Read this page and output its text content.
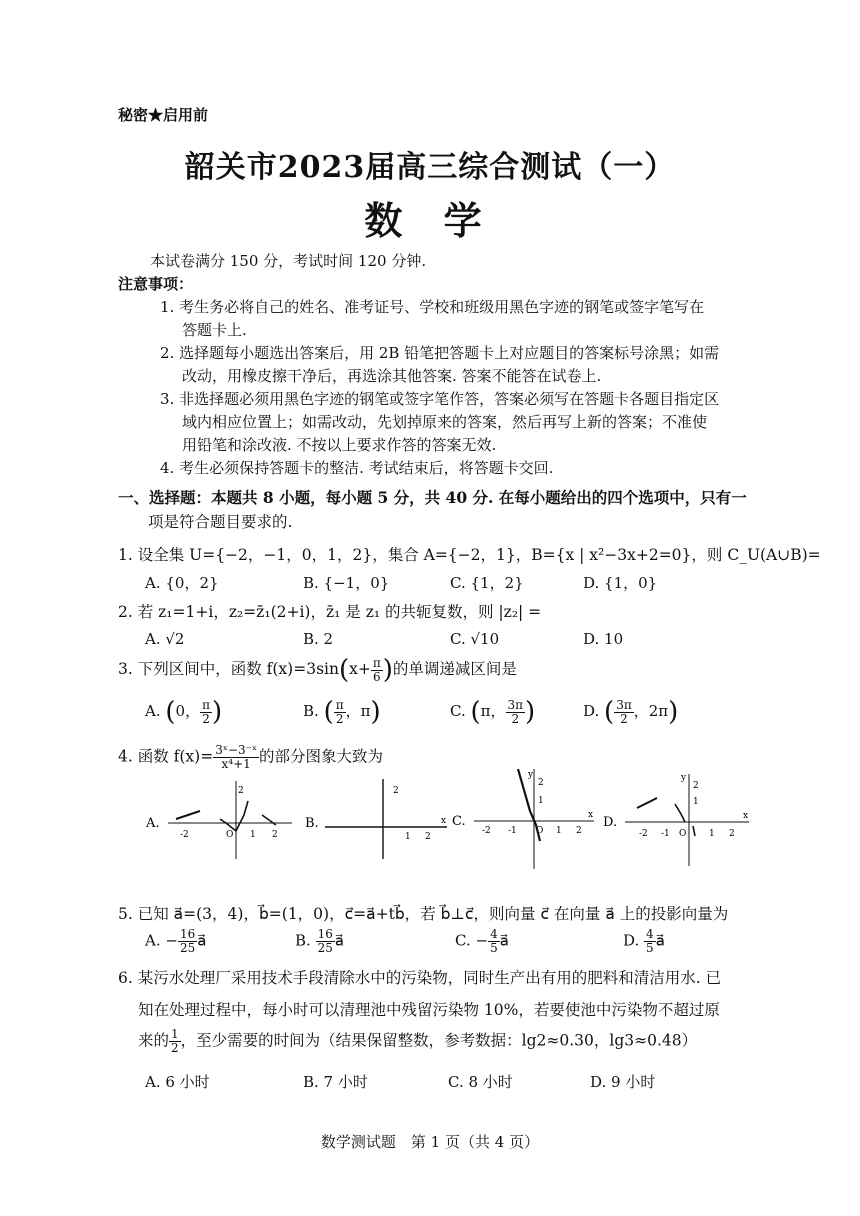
秘密★启用前
韶关市2023届高三综合测试（一）
数 学
本试卷满分 150 分，考试时间 120 分钟.
注意事项：
1. 考生务必将自己的姓名、准考证号、学校和班级用黑色字迹的钢笔或签字笔写在
答题卡上.
2. 选择题每小题选出答案后，用 2B 铅笔把答题卡上对应题目的答案标号涂黑；如需
改动，用橡皮擦干净后，再选涂其他答案. 答案不能答在试卷上.
3. 非选择题必须用黑色字迹的钢笔或签字笔作答，答案必须写在答题卡各题目指定区
域内相应位置上；如需改动，先划掉原来的答案，然后再写上新的答案；不准使
用铅笔和涂改液. 不按以上要求作答的答案无效.
4. 考生必须保持答题卡的整洁. 考试结束后，将答题卡交回.
一、选择题：本题共 8 小题，每小题 5 分，共 40 分. 在每小题给出的四个选项中，只有一
项是符合题目要求的.
1. 设全集 U={−2，−1，0，1，2}，集合 A={−2，1}，B={x | x²−3x+2=0}，则 C_U(A∪B)=
A. {0，2}	B. {−1，0}	C. {1，2}	D. {1，0}
2. 若 z₁=1+i，z₂=z̄₁(2+i)，z̄₁ 是 z₁ 的共轭复数，则 |z₂| =
A. √2	B. 2	C. √10	D. 10
3. 下列区间中，函数 $f(x)=3\sin(x+ \frac{\pi}{6}$ )的单调递减区间是
A. (0， $\frac{\pi}{2}$ )	B. ( $\frac{\pi}{2}$ ，π)	C. (π， $\frac{3\pi}{2}$ )	D. ( $\frac{3\pi}{2}$ ，2π)
4. 函数 $f(x)= \frac{\text{3ˣ−3⁻ˣ}}{\text{x⁴+1}}$ 的部分图象大致为
A.
2
-2	O 1 2
B.	x
2
1 2
C.
y
x
2
1
-2 -1 O 1 2
D.
y
x
2
1
-2 -1 O	1 2
5. 已知 a⃗=(3，4)，b⃗=(1，0)，c⃗=a⃗+tb⃗，若 b⃗⊥c⃗，则向量 c⃗ 在向量 a⃗ 上的投影向量为
A. − $\frac{16}{25}$ a⃗	B. $\frac{16}{25}$ a⃗	C. − $\frac{4}{5}$ a⃗	D. $\frac{4}{5}$ a⃗
6. 某污水处理厂采用技术手段清除水中的污染物，同时生产出有用的肥料和清洁用水. 已
知在处理过程中，每小时可以清理池中残留污染物 10%，若要使池中污染物不超过原
来的 $\frac{1}{2}$ ，至少需要的时间为（结果保留整数，参考数据：lg2≈0.30，lg3≈0.48）
A. 6 小时	B. 7 小时	C. 8 小时	D. 9 小时
数学测试题　第 1 页（共 4 页）
